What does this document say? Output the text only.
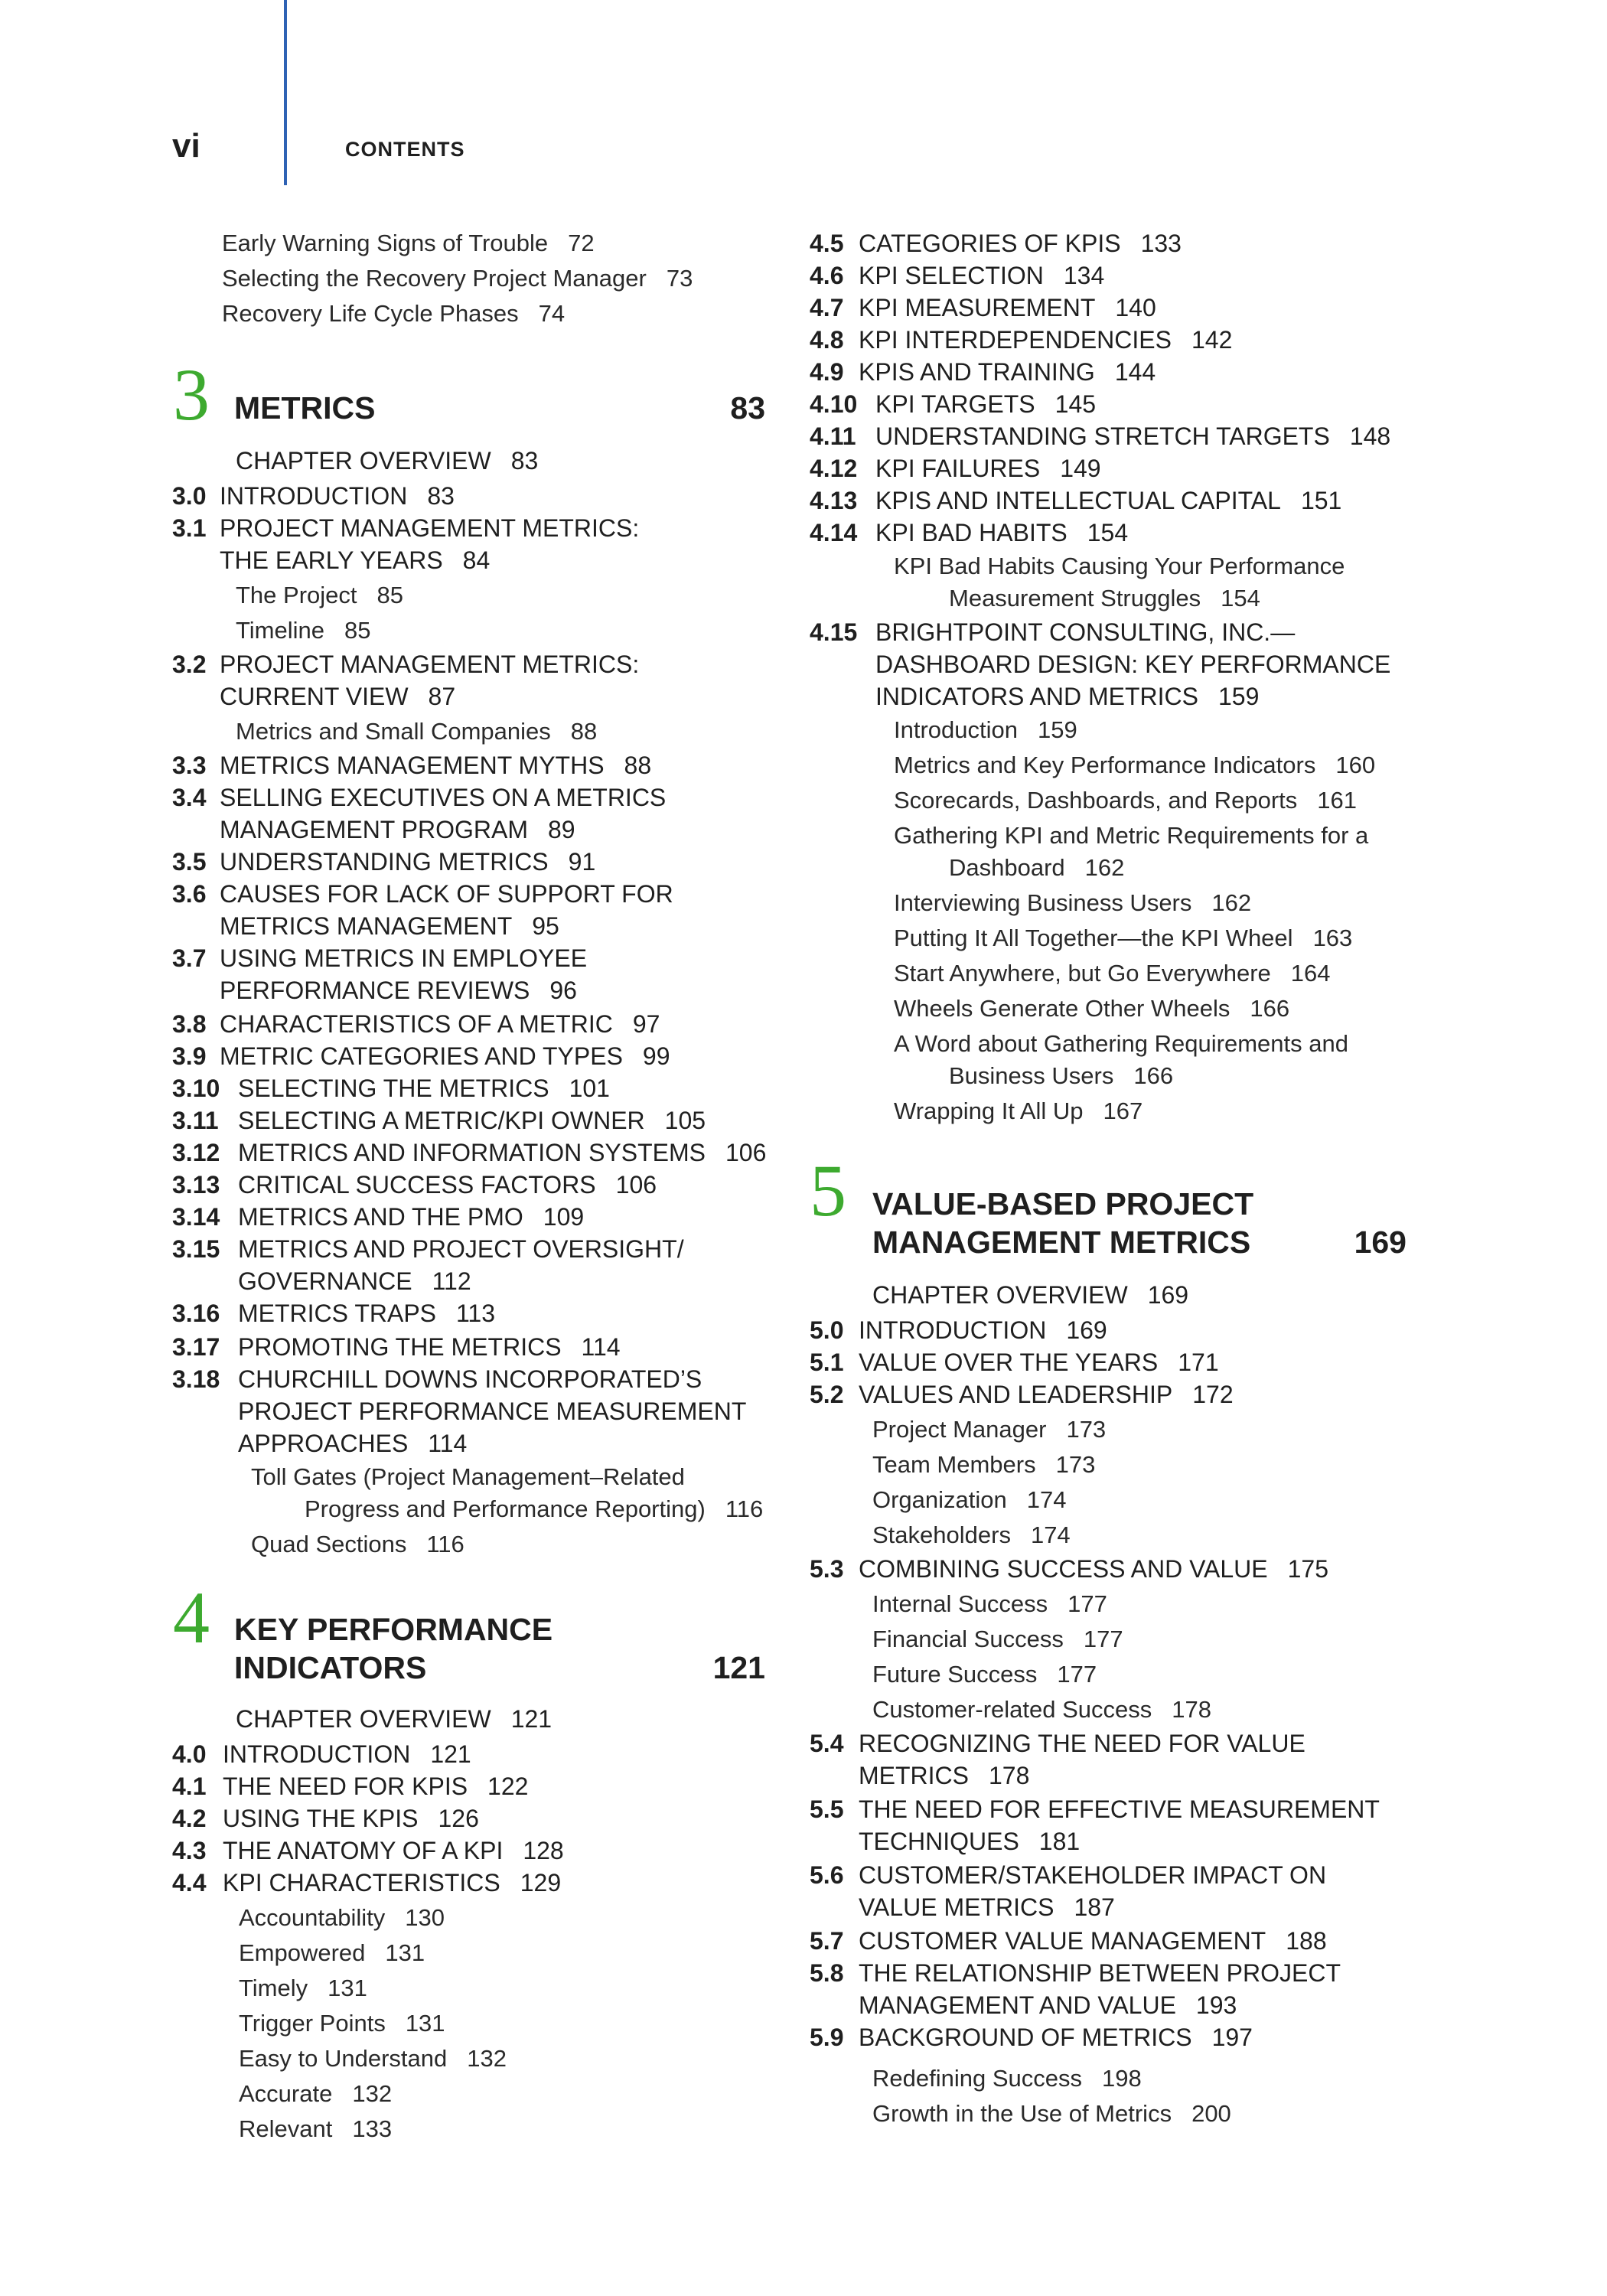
vi	CONTENTS
Early Warning Signs of Trouble 72
Selecting the Recovery Project Manager 73
Recovery Life Cycle Phases 74
3 METRICS	83
CHAPTER OVERVIEW 83
3.0 INTRODUCTION 83
3.1 PROJECT MANAGEMENT METRICS:
THE EARLY YEARS 84
The Project 85
Timeline 85
3.2 PROJECT MANAGEMENT METRICS:
CURRENT VIEW 87
Metrics and Small Companies 88
3.3 METRICS MANAGEMENT MYTHS 88
3.4 SELLING EXECUTIVES ON A METRICS
MANAGEMENT PROGRAM 89
3.5 UNDERSTANDING METRICS 91
3.6 CAUSES FOR LACK OF SUPPORT FOR
METRICS MANAGEMENT 95
3.7 USING METRICS IN EMPLOYEE
PERFORMANCE REVIEWS 96
3.8 CHARACTERISTICS OF A METRIC 97
3.9 METRIC CATEGORIES AND TYPES 99
3.10 SELECTING THE METRICS 101
3.11 SELECTING A METRIC/KPI OWNER 105
3.12 METRICS AND INFORMATION SYSTEMS 106
3.13 CRITICAL SUCCESS FACTORS 106
3.14 METRICS AND THE PMO 109
3.15 METRICS AND PROJECT OVERSIGHT/
GOVERNANCE 112
3.16 METRICS TRAPS 113
3.17 PROMOTING THE METRICS 114
3.18 CHURCHILL DOWNS INCORPORATED’S
PROJECT PERFORMANCE MEASUREMENT
APPROACHES 114
Toll Gates (Project Management–Related
Progress and Performance Reporting) 116
Quad Sections 116
4 KEY PERFORMANCE
INDICATORS	121
CHAPTER OVERVIEW 121
4.0 INTRODUCTION 121
4.1 THE NEED FOR KPIS 122
4.2 USING THE KPIS 126
4.3 THE ANATOMY OF A KPI 128
4.4 KPI CHARACTERISTICS 129
Accountability 130
Empowered 131
Timely 131
Trigger Points 131
Easy to Understand 132
Accurate 132
Relevant 133
4.5 CATEGORIES OF KPIS 133
4.6 KPI SELECTION 134
4.7 KPI MEASUREMENT 140
4.8 KPI INTERDEPENDENCIES 142
4.9 KPIS AND TRAINING 144
4.10 KPI TARGETS 145
4.11 UNDERSTANDING STRETCH TARGETS 148
4.12 KPI FAILURES 149
4.13 KPIS AND INTELLECTUAL CAPITAL 151
4.14 KPI BAD HABITS 154
KPI Bad Habits Causing Your Performance
Measurement Struggles 154
4.15 BRIGHTPOINT CONSULTING, INC.—
DASHBOARD DESIGN: KEY PERFORMANCE
INDICATORS AND METRICS 159
Introduction 159
Metrics and Key Performance Indicators 160
Scorecards, Dashboards, and Reports 161
Gathering KPI and Metric Requirements for a
Dashboard 162
Interviewing Business Users 162
Putting It All Together—the KPI Wheel 163
Start Anywhere, but Go Everywhere 164
Wheels Generate Other Wheels 166
A Word about Gathering Requirements and
Business Users 166
Wrapping It All Up 167
5 VALUE-BASED PROJECT
MANAGEMENT METRICS	169
CHAPTER OVERVIEW 169
5.0 INTRODUCTION 169
5.1 VALUE OVER THE YEARS 171
5.2 VALUES AND LEADERSHIP 172
Project Manager 173
Team Members 173
Organization 174
Stakeholders 174
5.3 COMBINING SUCCESS AND VALUE 175
Internal Success 177
Financial Success 177
Future Success 177
Customer-related Success 178
5.4 RECOGNIZING THE NEED FOR VALUE
METRICS 178
5.5 THE NEED FOR EFFECTIVE MEASUREMENT
TECHNIQUES 181
5.6 CUSTOMER/STAKEHOLDER IMPACT ON
VALUE METRICS 187
5.7 CUSTOMER VALUE MANAGEMENT 188
5.8 THE RELATIONSHIP BETWEEN PROJECT
MANAGEMENT AND VALUE 193
5.9 BACKGROUND OF METRICS 197
Redefining Success 198
Growth in the Use of Metrics 200
